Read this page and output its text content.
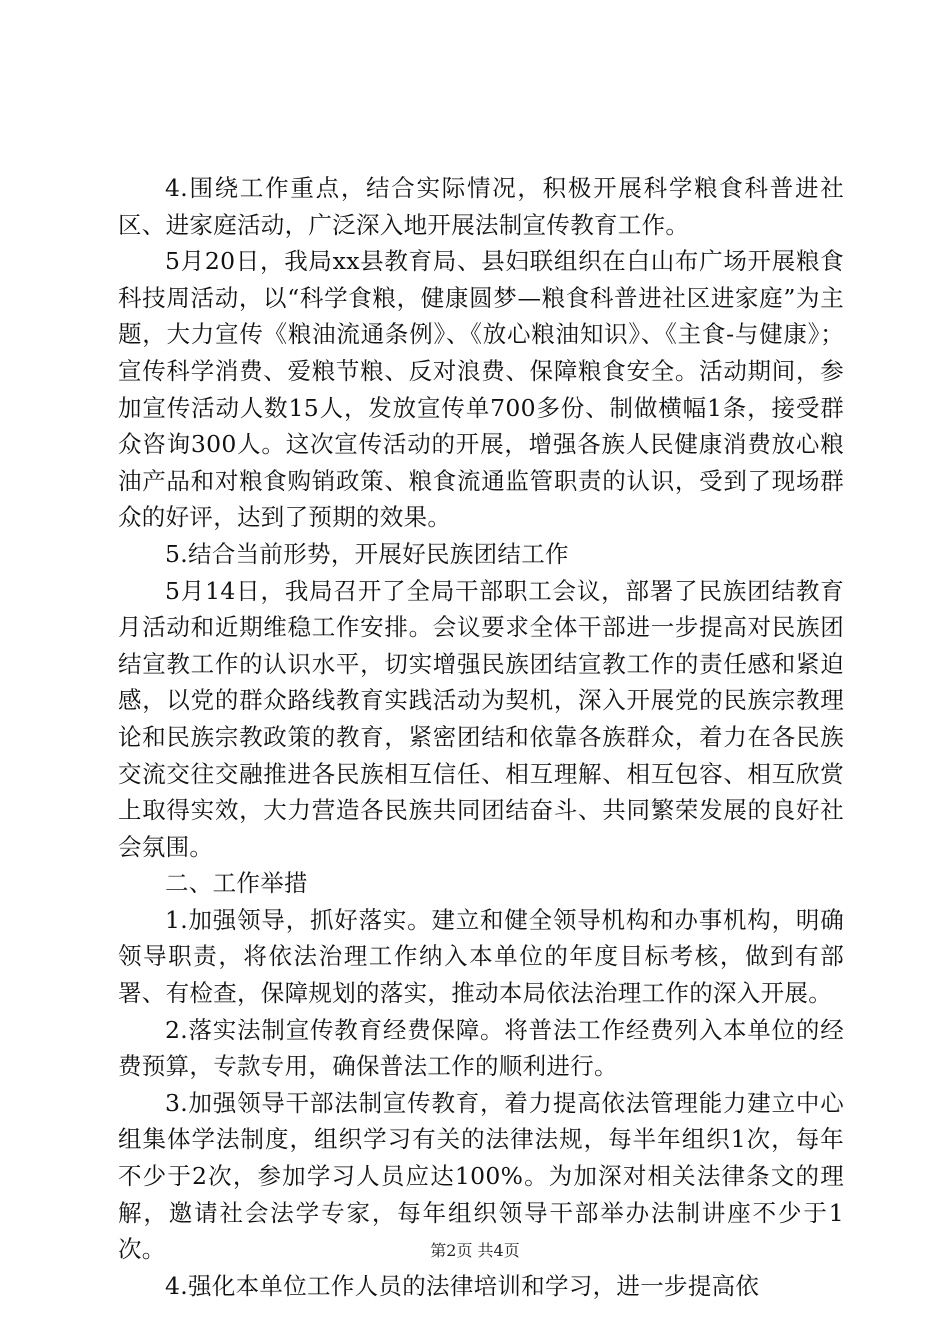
4.围绕工作重点，结合实际情况，积极开展科学粮食科普进社区、进家庭活动，广泛深入地开展法制宣传教育工作。

5月20日，我局xx县教育局、县妇联组织在白山布广场开展粮食科技周活动，以“科学食粮，健康圆梦—粮食科普进社区进家庭”为主题，大力宣传《粮油流通条例》、《放心粮油知识》、《主食-与健康》；宣传科学消费、爱粮节粮、反对浪费、保障粮食安全。活动期间，参加宣传活动人数15人，发放宣传单700多份、制做横幅1条，接受群众咨询300人。这次宣传活动的开展，增强各族人民健康消费放心粮油产品和对粮食购销政策、粮食流通监管职责的认识，受到了现场群众的好评，达到了预期的效果。

5.结合当前形势，开展好民族团结工作

5月14日，我局召开了全局干部职工会议，部署了民族团结教育月活动和近期维稳工作安排。会议要求全体干部进一步提高对民族团结宣教工作的认识水平，切实增强民族团结宣教工作的责任感和紧迫感，以党的群众路线教育实践活动为契机，深入开展党的民族宗教理论和民族宗教政策的教育，紧密团结和依靠各族群众，着力在各民族交流交往交融推进各民族相互信任、相互理解、相互包容、相互欣赏上取得实效，大力营造各民族共同团结奋斗、共同繁荣发展的良好社会氛围。

二、工作举措

1.加强领导，抓好落实。建立和健全领导机构和办事机构，明确领导职责，将依法治理工作纳入本单位的年度目标考核，做到有部署、有检查，保障规划的落实，推动本局依法治理工作的深入开展。

2.落实法制宣传教育经费保障。将普法工作经费列入本单位的经费预算，专款专用，确保普法工作的顺利进行。

3.加强领导干部法制宣传教育，着力提高依法管理能力建立中心组集体学法制度，组织学习有关的法律法规，每半年组织1次，每年不少于2次，参加学习人员应达100%。为加深对相关法律条文的理解，邀请社会法学专家，每年组织领导干部举办法制讲座不少于1次。

4.强化本单位工作人员的法律培训和学习，进一步提高依

第2页 共4页
